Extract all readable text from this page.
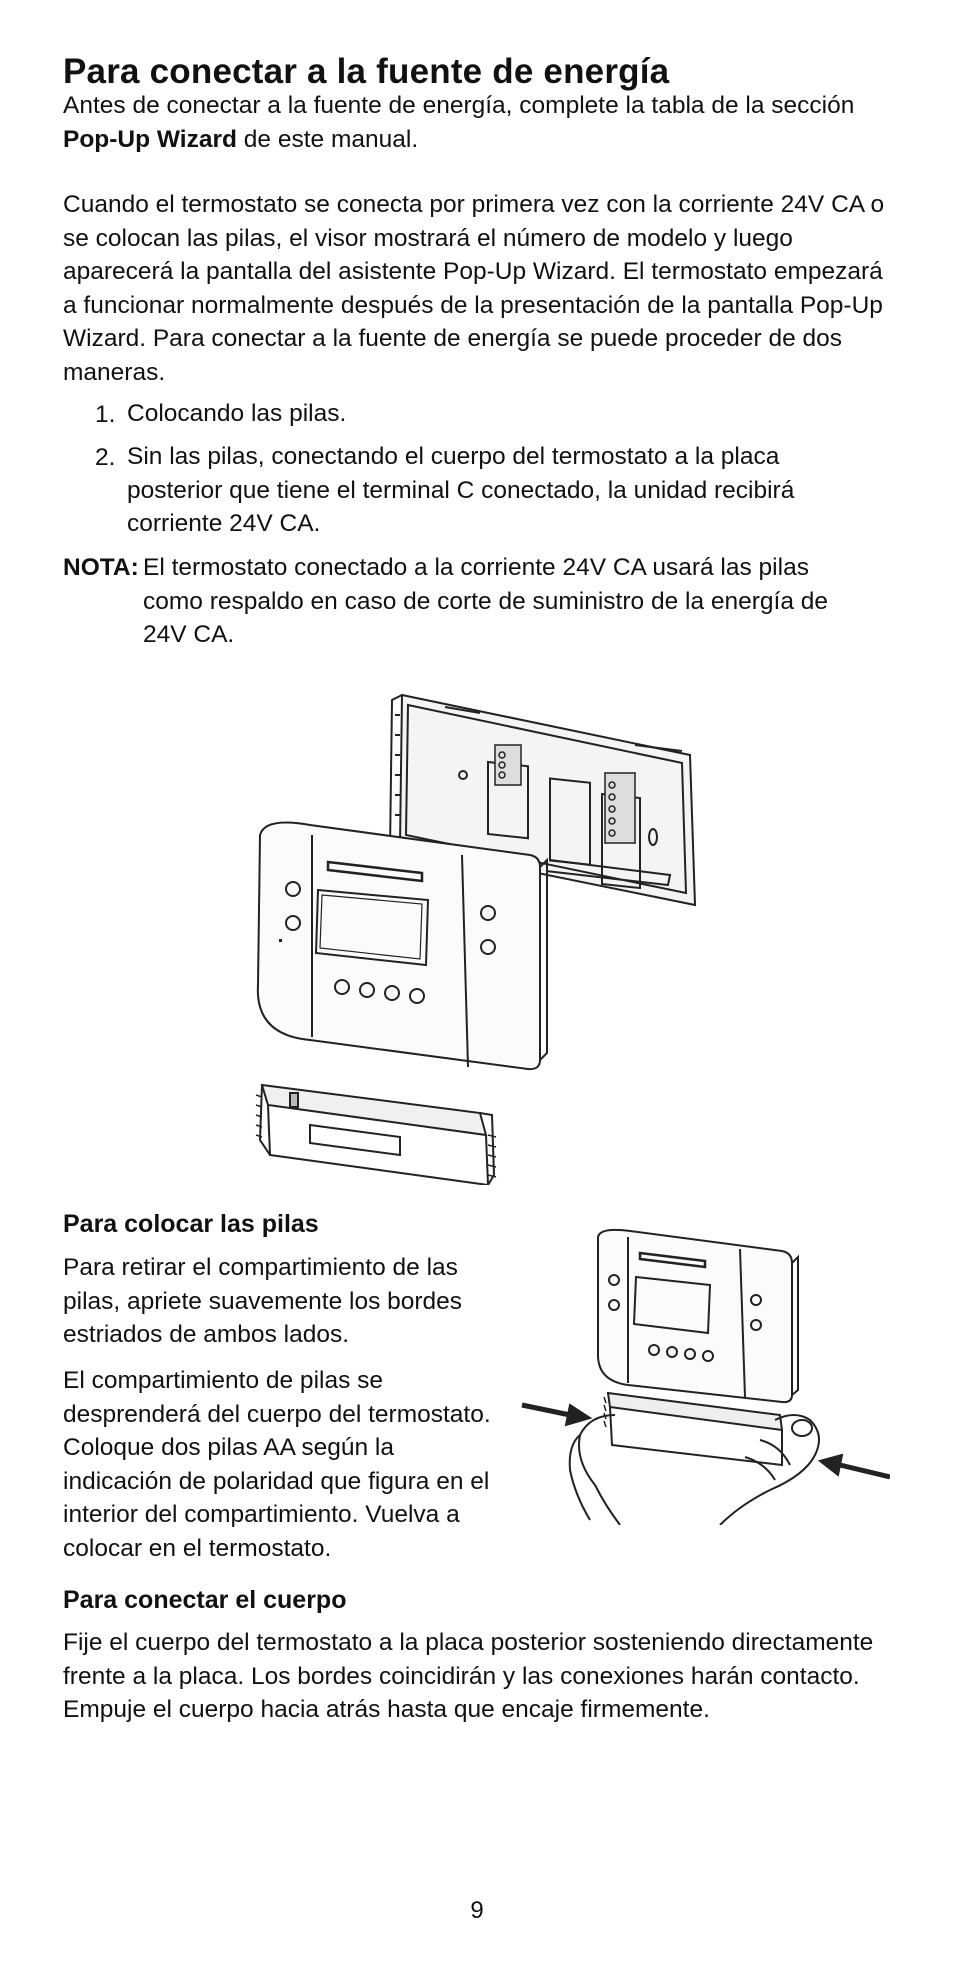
Para conectar a la fuente de energía
Antes de conectar a la fuente de energía, complete la tabla de la sección Pop-Up Wizard de este manual.
Cuando el termostato se conecta por primera vez con la corriente 24V CA o se colocan las pilas, el visor mostrará el número de modelo y luego aparecerá la pantalla del asistente Pop-Up Wizard. El termostato empezará a funcionar normalmente después de la presentación de la pantalla Pop-Up Wizard. Para conectar a la fuente de energía se puede proceder de dos maneras.
1. Colocando las pilas.
2. Sin las pilas, conectando el cuerpo del termostato a la placa posterior que tiene el terminal C conectado, la unidad recibirá corriente 24V CA.
NOTA: El termostato conectado a la corriente 24V CA usará las pilas como respaldo en caso de corte de suministro de la energía de 24V CA.
Para colocar las pilas
Para retirar el compartimiento de las pilas, apriete suavemente los bordes estriados de ambos lados.
El compartimiento de pilas se desprenderá del cuerpo del termostato. Coloque dos pilas AA según la indicación de polaridad que figura en el interior del compartimiento. Vuelva a colocar en el termostato.
Para conectar el cuerpo
Fije el cuerpo del termostato a la placa posterior sosteniendo directamente frente a la placa. Los bordes coincidirán y las conexiones harán contacto. Empuje el cuerpo hacia atrás hasta que encaje firmemente.
9
